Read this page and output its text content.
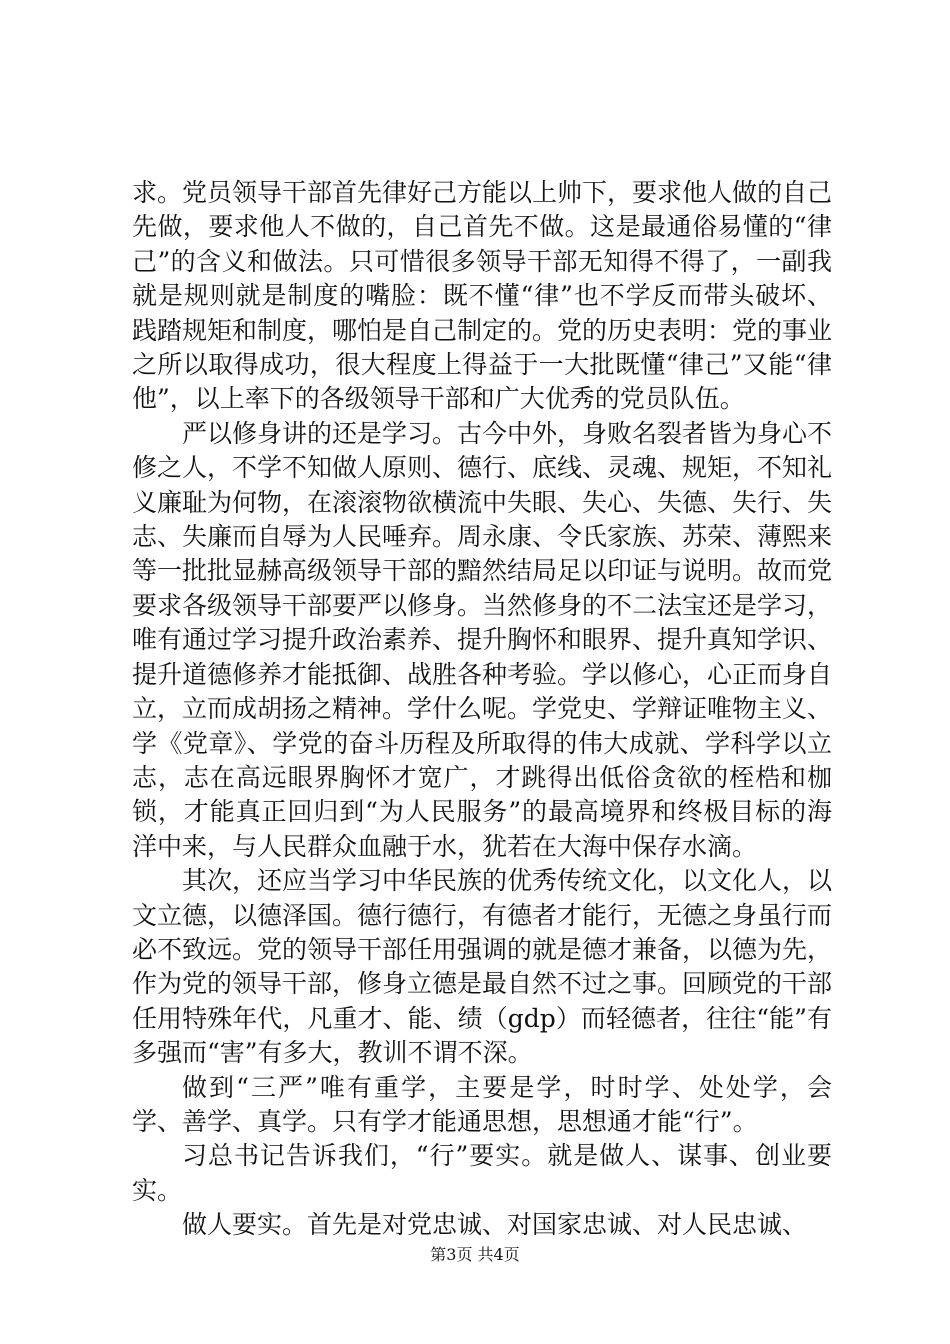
求。党员领导干部首先律好己方能以上帅下，要求他人做的自己先做，要求他人不做的，自己首先不做。这是最通俗易懂的“律己”的含义和做法。只可惜很多领导干部无知得不得了，一副我就是规则就是制度的嘴脸：既不懂“律”也不学反而带头破坏、践踏规矩和制度，哪怕是自己制定的。党的历史表明：党的事业之所以取得成功，很大程度上得益于一大批既懂“律己”又能“律他”，以上率下的各级领导干部和广大优秀的党员队伍。

严以修身讲的还是学习。古今中外，身败名裂者皆为身心不修之人，不学不知做人原则、德行、底线、灵魂、规矩，不知礼义廉耻为何物，在滚滚物欲横流中失眼、失心、失德、失行、失志、失廉而自辱为人民唾弃。周永康、令氏家族、苏荣、薄熙来等一批批显赫高级领导干部的黯然结局足以印证与说明。故而党要求各级领导干部要严以修身。当然修身的不二法宝还是学习，唯有通过学习提升政治素养、提升胸怀和眼界、提升真知学识、提升道德修养才能抵御、战胜各种考验。学以修心，心正而身自立，立而成胡扬之精神。学什么呢。学党史、学辩证唯物主义、学《党章》、学党的奋斗历程及所取得的伟大成就、学科学以立志，志在高远眼界胸怀才宽广，才跳得出低俗贪欲的桎梏和枷锁，才能真正回归到“为人民服务”的最高境界和终极目标的海洋中来，与人民群众血融于水，犹若在大海中保存水滴。

其次，还应当学习中华民族的优秀传统文化，以文化人，以文立德，以德泽国。德行德行，有德者才能行，无德之身虽行而必不致远。党的领导干部任用强调的就是德才兼备，以德为先，作为党的领导干部，修身立德是最自然不过之事。回顾党的干部任用特殊年代，凡重才、能、绩（gdp）而轻德者，往往“能”有多强而“害”有多大，教训不谓不深。

做到“三严”唯有重学，主要是学，时时学、处处学，会学、善学、真学。只有学才能通思想，思想通才能“行”。

习总书记告诉我们，“行”要实。就是做人、谋事、创业要实。

做人要实。首先是对党忠诚、对国家忠诚、对人民忠诚、

第3页 共4页
